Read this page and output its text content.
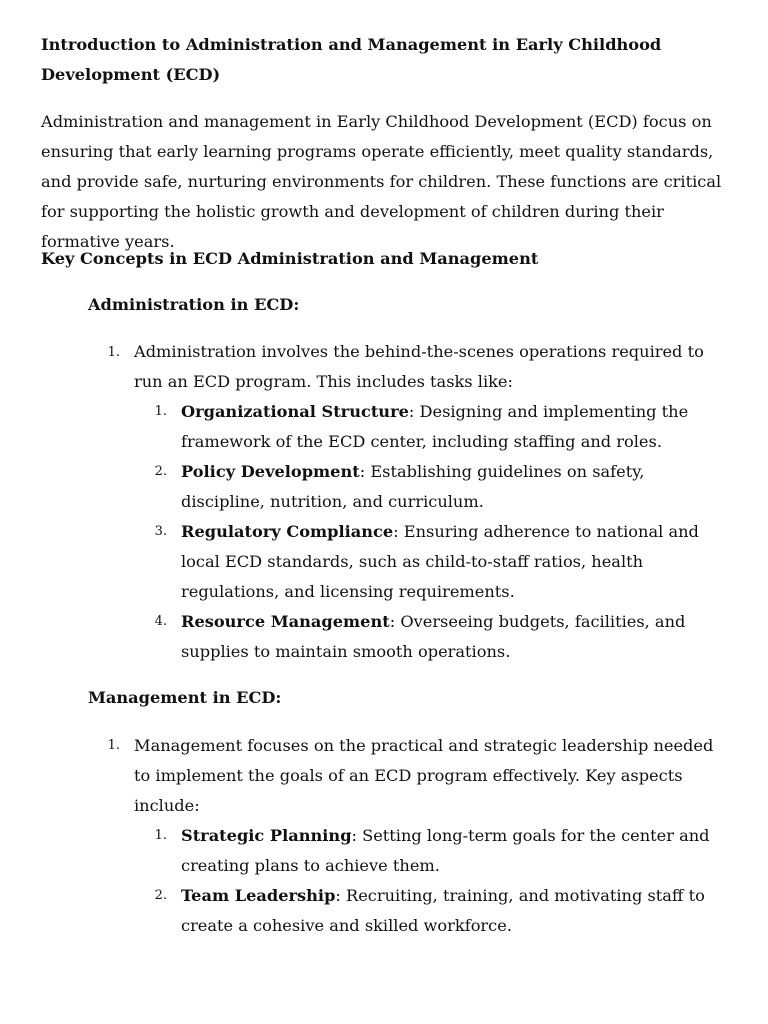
Introduction to Administration and Management in Early Childhood Development (ECD)

Administration and management in Early Childhood Development (ECD) focus on ensuring that early learning programs operate efficiently, meet quality standards, and provide safe, nurturing environments for children. These functions are critical for supporting the holistic growth and development of children during their formative years.

Key Concepts in ECD Administration and Management
Administration in ECD:
1. Administration involves the behind-the-scenes operations required to run an ECD program. This includes tasks like:
1. Organizational Structure: Designing and implementing the framework of the ECD center, including staffing and roles.
2. Policy Development: Establishing guidelines on safety, discipline, nutrition, and curriculum.
3. Regulatory Compliance: Ensuring adherence to national and local ECD standards, such as child-to-staff ratios, health regulations, and licensing requirements.
4. Resource Management: Overseeing budgets, facilities, and supplies to maintain smooth operations.
Management in ECD:
1. Management focuses on the practical and strategic leadership needed to implement the goals of an ECD program effectively. Key aspects include:
1. Strategic Planning: Setting long-term goals for the center and creating plans to achieve them.
2. Team Leadership: Recruiting, training, and motivating staff to create a cohesive and skilled workforce.
